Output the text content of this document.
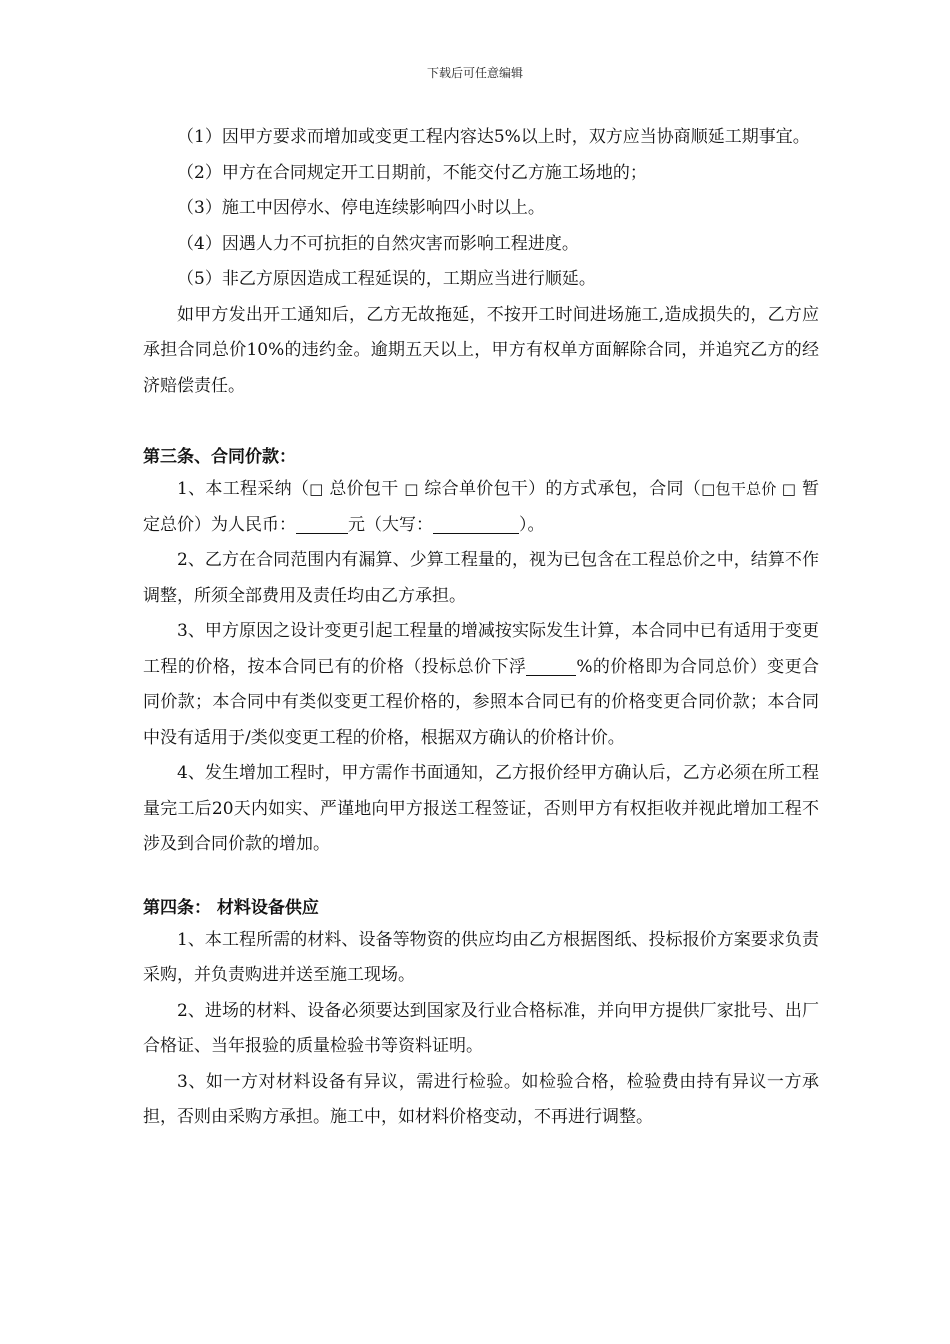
下载后可任意编辑

（1）因甲方要求而增加或变更工程内容达5%以上时，双方应当协商顺延工期事宜。

（2）甲方在合同规定开工日期前，不能交付乙方施工场地的；

（3）施工中因停水、停电连续影响四小时以上。

（4）因遇人力不可抗拒的自然灾害而影响工程进度。

（5）非乙方原因造成工程延误的，工期应当进行顺延。

如甲方发出开工通知后，乙方无故拖延，不按开工时间进场施工,造成损失的，乙方应承担合同总价10%的违约金。逾期五天以上，甲方有权单方面解除合同，并追究乙方的经济赔偿责任。

第三条、合同价款：

1、本工程采纳（□ 总价包干 □ 综合单价包干）的方式承包，合同（□包干总价 □ 暂定总价）为人民币：	元（大写：	）。

2、乙方在合同范围内有漏算、少算工程量的，视为已包含在工程总价之中，结算不作调整，所须全部费用及责任均由乙方承担。

3、甲方原因之设计变更引起工程量的增减按实际发生计算，本合同中已有适用于变更工程的价格，按本合同已有的价格（投标总价下浮	%的价格即为合同总价）变更合同价款；本合同中有类似变更工程价格的，参照本合同已有的价格变更合同价款；本合同中没有适用于/类似变更工程的价格，根据双方确认的价格计价。

4、发生增加工程时，甲方需作书面通知，乙方报价经甲方确认后，乙方必须在所工程量完工后20天内如实、严谨地向甲方报送工程签证，否则甲方有权拒收并视此增加工程不涉及到合同价款的增加。

第四条： 材料设备供应

1、本工程所需的材料、设备等物资的供应均由乙方根据图纸、投标报价方案要求负责采购，并负责购进并送至施工现场。

2、进场的材料、设备必须要达到国家及行业合格标准，并向甲方提供厂家批号、出厂合格证、当年报验的质量检验书等资料证明。

3、如一方对材料设备有异议，需进行检验。如检验合格，检验费由持有异议一方承担，否则由采购方承担。施工中，如材料价格变动，不再进行调整。
